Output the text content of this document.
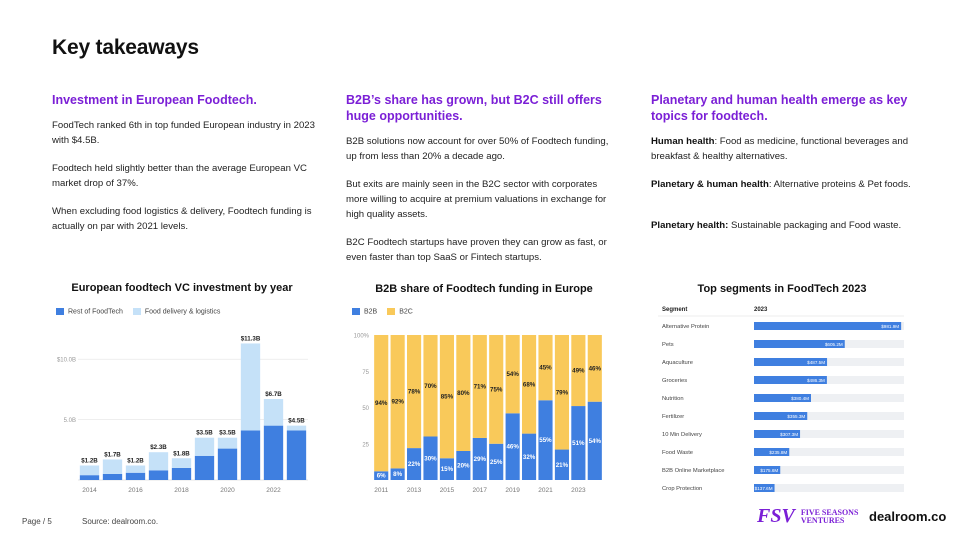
Key takeaways
Investment in European Foodtech.

FoodTech ranked 6th in top funded European industry in 2023 with $4.5B.

Foodtech held slightly better than the average European VC market drop of 37%.

When excluding food logistics & delivery, Foodtech funding is actually on par with 2021 levels.

B2B’s share has grown, but B2C still offers huge opportunities.

B2B solutions now account for over 50% of Foodtech funding, up from less than 20% a decade ago.

But exits are mainly seen in the B2C sector with corporates more willing to acquire at premium valuations in exchange for high quality assets.

B2C Foodtech startups have proven they can grow as fast, or even faster than top SaaS or Fintech startups.

Planetary and human health emerge as key topics for foodtech.

Human health: Food as medicine, functional beverages and breakfast & healthy alternatives.

Planetary & human health: Alternative proteins & Pet foods.

Planetary health: Sustainable packaging and Food waste.

European foodtech VC investment by year
Rest of FoodTech	Food delivery & logistics
5.0B
$10.0B
$1.2B
2014
$1.7B
$1.2B
2016
$2.3B
$1.8B
2018
$3.5B $3.5B
2020
$11.3B
$6.7B
2022
$4.5B
B2B share of Foodtech funding in Europe
B2B	B2C
25
50
75
100%
6%
94%
8%
92%
22%
78%
30%
70%
15%
85%
20%
80%
29%
71%
25%
75%
46%
54%
32%
68%
55%
45%
21%
79%
51%
49%
54%
46%
2011	2013	2015	2017	2019	2021	2023
Top segments in FoodTech 2023
Segment	2023
Alternative Protein	$981.9M
Pets	$605.2M
Aquaculture	$487.5M
Groceries	$486.3M
Nutrition	$380.4M
Fertilizer	$355.3M
10 Min Delivery	$307.3M
Food Waste	$235.8M
B2B Online Marketplace	$175.6M
Crop Protection	$137.6M
Page / 5	Source: dealroom.co.	FSV FIVE SEASONS
VENTURES	dealroom.co
